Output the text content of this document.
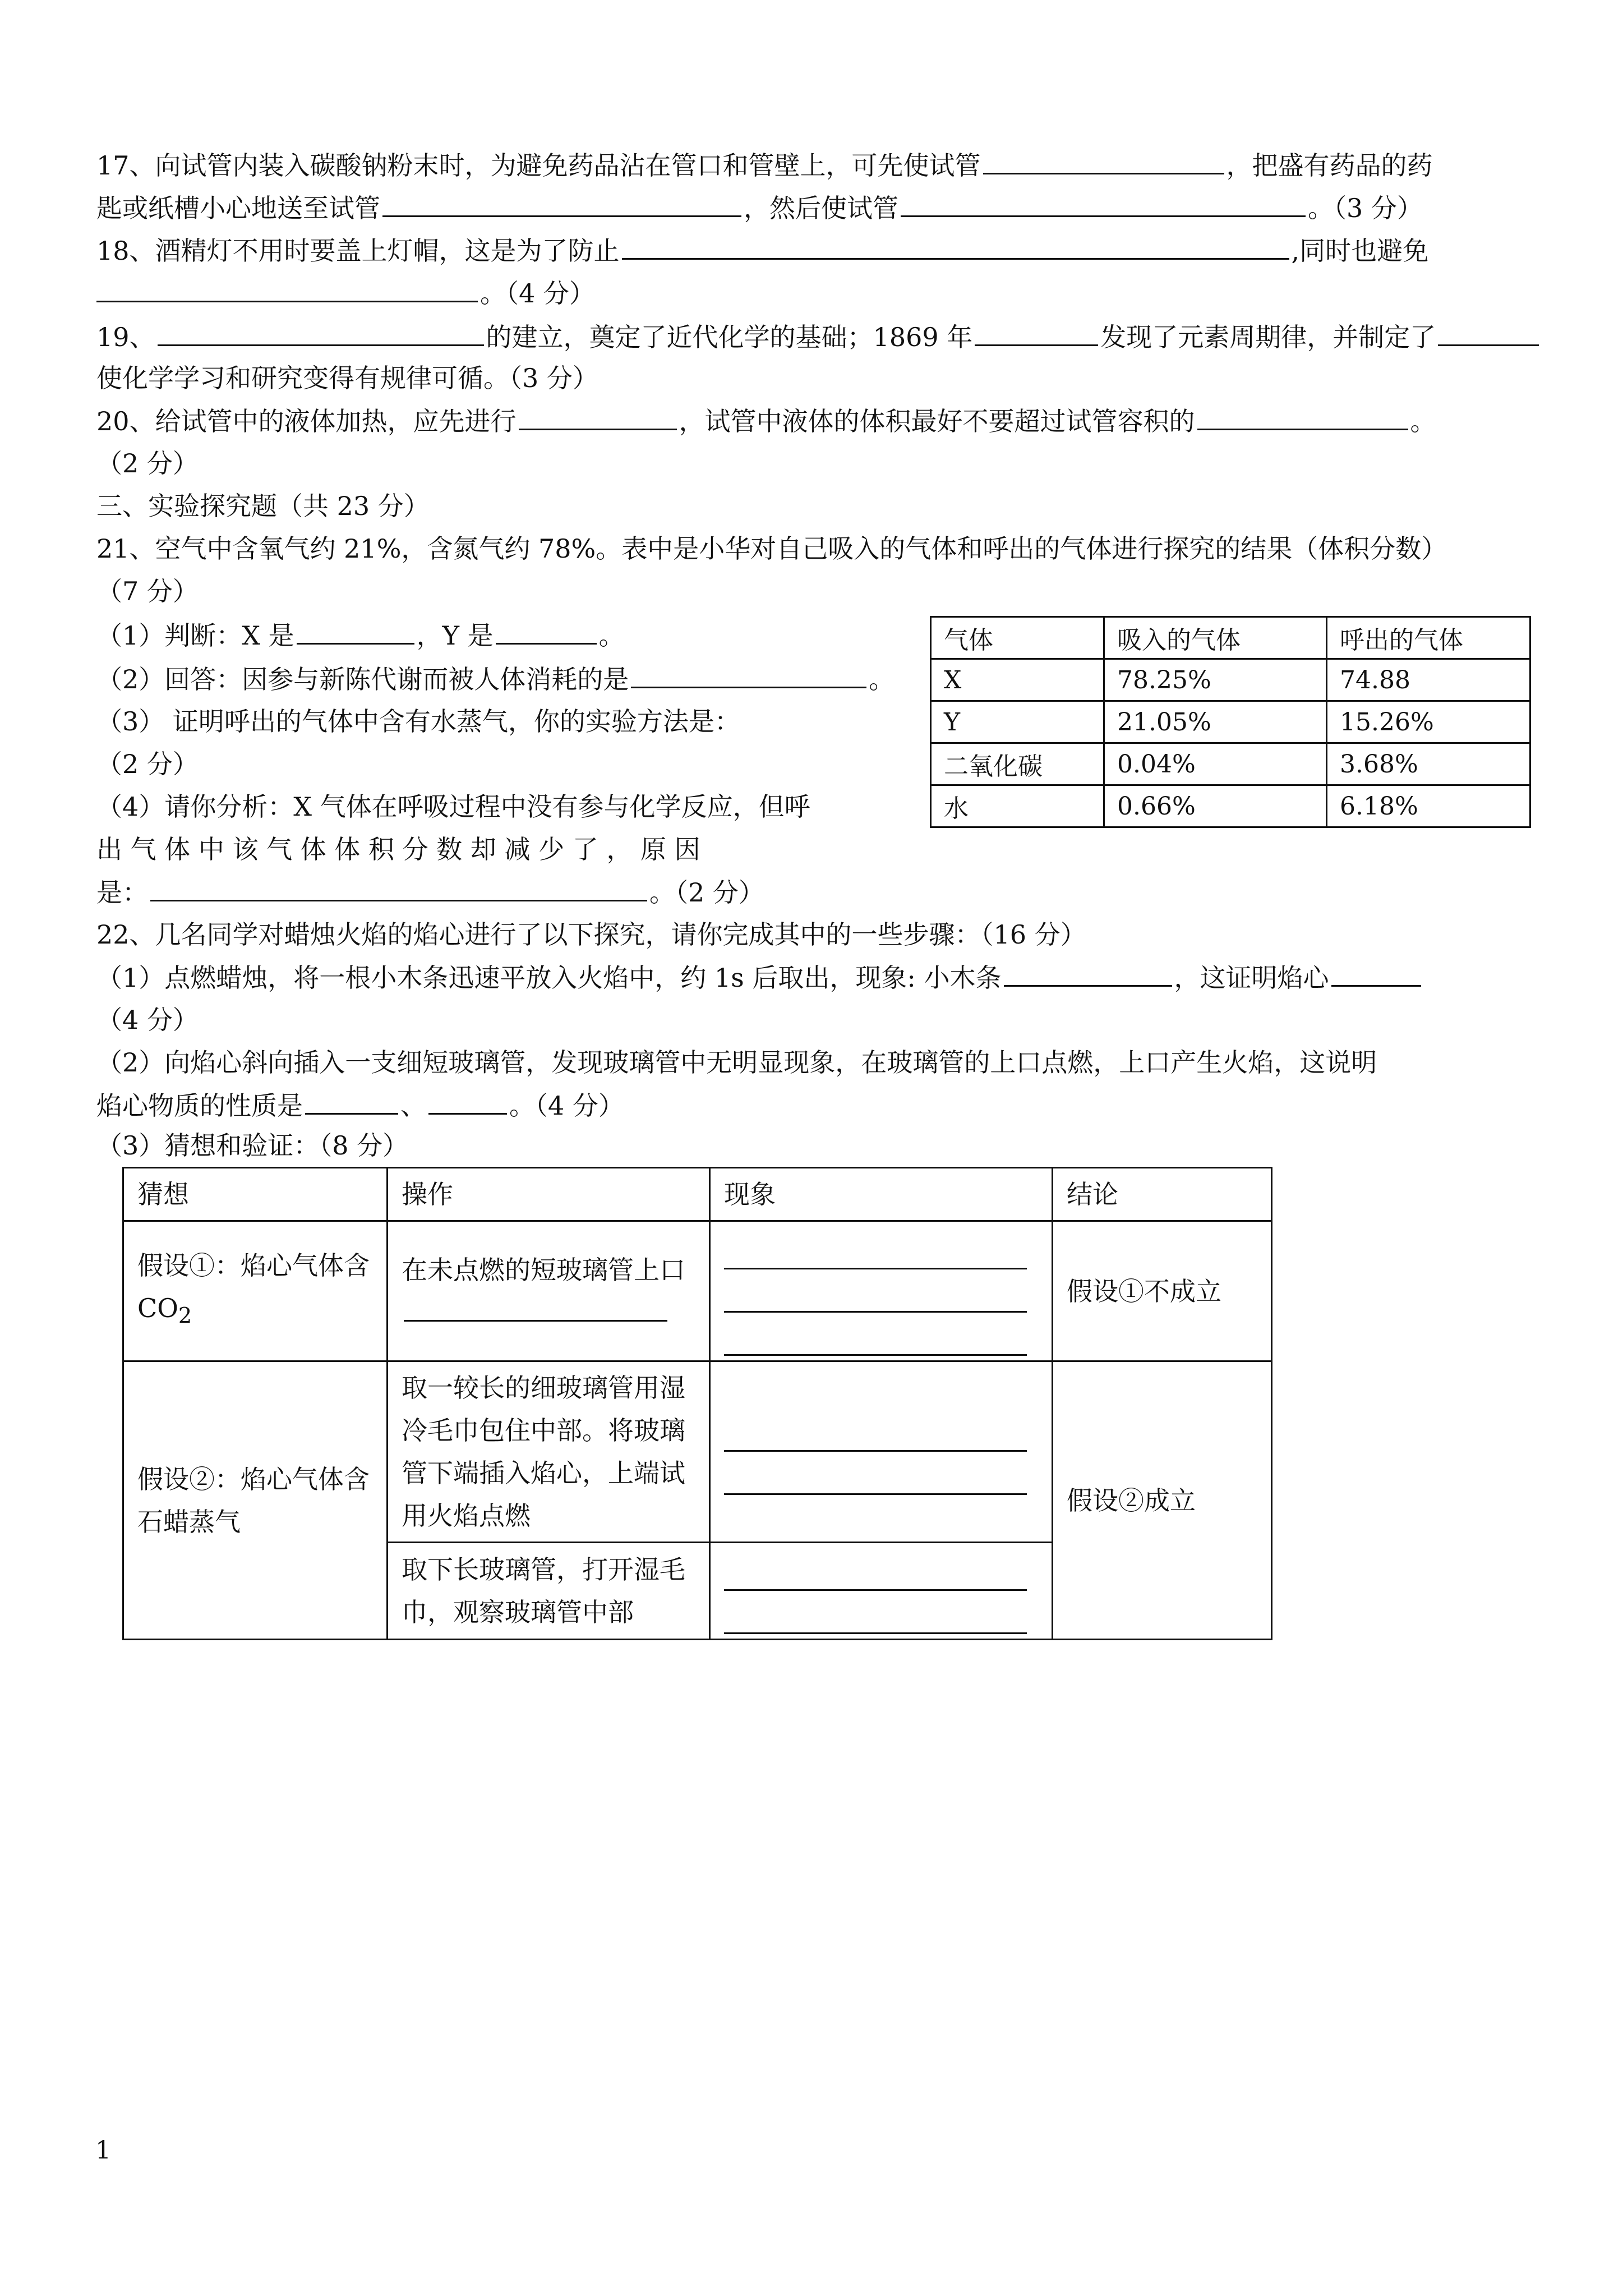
17、向试管内装入碳酸钠粉末时，为避免药品沾在管口和管壁上，可先使试管	，把盛有药品的药
匙或纸槽小心地送至试管	，然后使试管	。（3 分）
18、酒精灯不用时要盖上灯帽，这是为了防止	,同时也避免
。（4 分）
19、	的建立，奠定了近代化学的基础；1869 年	发现了元素周期律，并制定了
使化学学习和研究变得有规律可循。（3 分）
20、给试管中的液体加热，应先进行	，试管中液体的体积最好不要超过试管容积的	。
（2 分）
三、实验探究题（共 23 分）
21、空气中含氧气约 21%，含氮气约 78%。表中是小华对自己吸入的气体和呼出的气体进行探究的结果（体积分数）
（7 分）
（1）判断：X 是	，Y 是	。
（2）回答：因参与新陈代谢而被人体消耗的是	。
（3） 证明呼出的气体中含有水蒸气，你的实验方法是：
（2 分）
（4）请你分析：X 气体在呼吸过程中没有参与化学反应，但呼
出 气 体 中 该 气 体 体 积 分 数 却 减 少 了 ， 原 因
是：	。（2 分）
气体	吸入的气体	呼出的气体
X	78.25%	74.88
Y	21.05%	15.26%
二氧化碳	0.04%	3.68%
水	0.66%	6.18%
22、几名同学对蜡烛火焰的焰心进行了以下探究，请你完成其中的一些步骤：（16 分）
（1）点燃蜡烛，将一根小木条迅速平放入火焰中，约 1s 后取出，现象: 小木条	，这证明焰心
（4 分）
（2）向焰心斜向插入一支细短玻璃管，发现玻璃管中无明显现象，在玻璃管的上口点燃，上口产生火焰，这说明
焰心物质的性质是	、	。（4 分）
（3）猜想和验证：（8 分）
猜想	操作	现象	结论
假设①：焰心气体含 $CO_2$	在未点燃的短玻璃管上口		假设①不成立
假设②：焰心气体含石蜡蒸气	取一较长的细玻璃管用湿冷毛巾包住中部。将玻璃管下端插入焰心，上端试用火焰点燃		假设②成立
	取下长玻璃管，打开湿毛巾，观察玻璃管中部		
1
